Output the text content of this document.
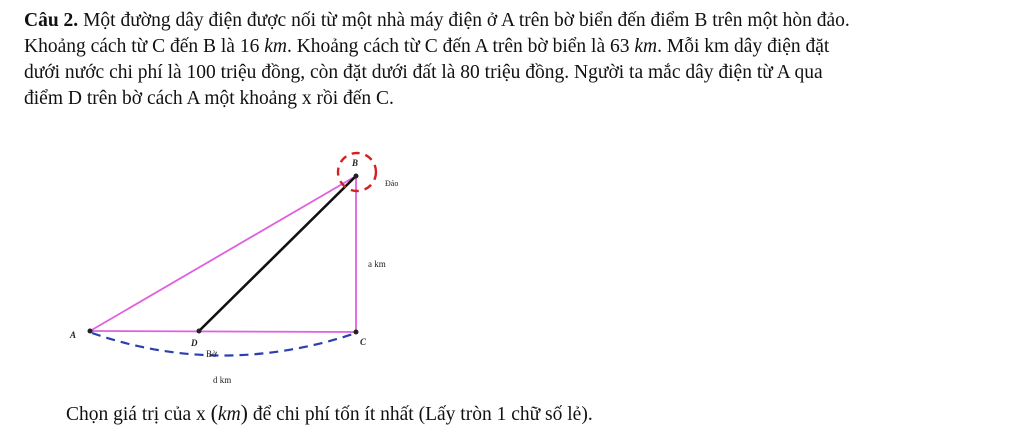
Câu 2. Một đường dây điện được nối từ một nhà máy điện ở A trên bờ biển đến điểm B trên một hòn đảo.
Khoảng cách từ C đến B là 16 km. Khoảng cách từ C đến A trên bờ biển là 63 km. Mỗi km dây điện đặt
dưới nước chi phí là 100 triệu đồng, còn đặt dưới đất là 80 triệu đồng. Người ta mắc dây điện từ A qua
điểm D trên bờ cách A một khoảng x rồi đến C.
A
D	C
B
Đảo
Bờ
a km
d km
Chọn giá trị của x (km) để chi phí tốn ít nhất (Lấy tròn 1 chữ số lẻ).
